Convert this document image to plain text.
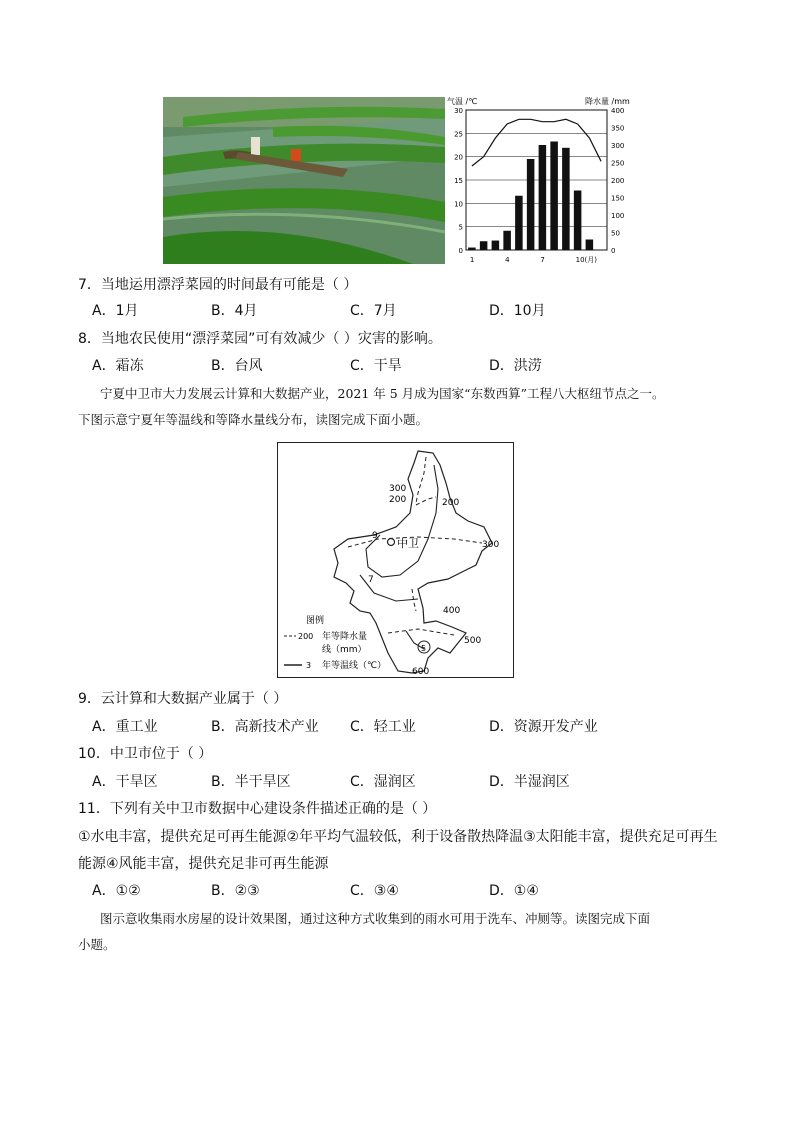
气温 /℃	降水量 /mm
0
5
10
15
20
25
30
0
50
100
150
200
250
300
350
400
1	4	7	10(月)
7．当地运用漂浮菜园的时间最有可能是（ ）
A．1月	B．4月	C．7月	D．10月
8．当地农民使用“漂浮菜园”可有效减少（ ）灾害的影响。
A．霜冻	B．台风	C．干旱	D．洪涝
宁夏中卫市大力发展云计算和大数据产业，2021 年 5 月成为国家“东数西算”工程八大枢纽节点之一。
下图示意宁夏年等温线和等降水量线分布，读图完成下面小题。
中卫
300
200	200
9
300
7
400
500
5
600
图例
200 年等降水量
线（mm）
3 年等温线（℃）
9．云计算和大数据产业属于（ ）
A．重工业	B．高新技术产业 C．轻工业	D．资源开发产业
10．中卫市位于（ ）
A．干旱区	B．半干旱区	C．湿润区	D．半湿润区
11．下列有关中卫市数据中心建设条件描述正确的是（ ）
①水电丰富，提供充足可再生能源②年平均气温较低，利于设备散热降温③太阳能丰富，提供充足可再生
能源④风能丰富，提供充足非可再生能源
A．①②	B．②③	C．③④	D．①④
图示意收集雨水房屋的设计效果图，通过这种方式收集到的雨水可用于洗车、冲厕等。读图完成下面
小题。
